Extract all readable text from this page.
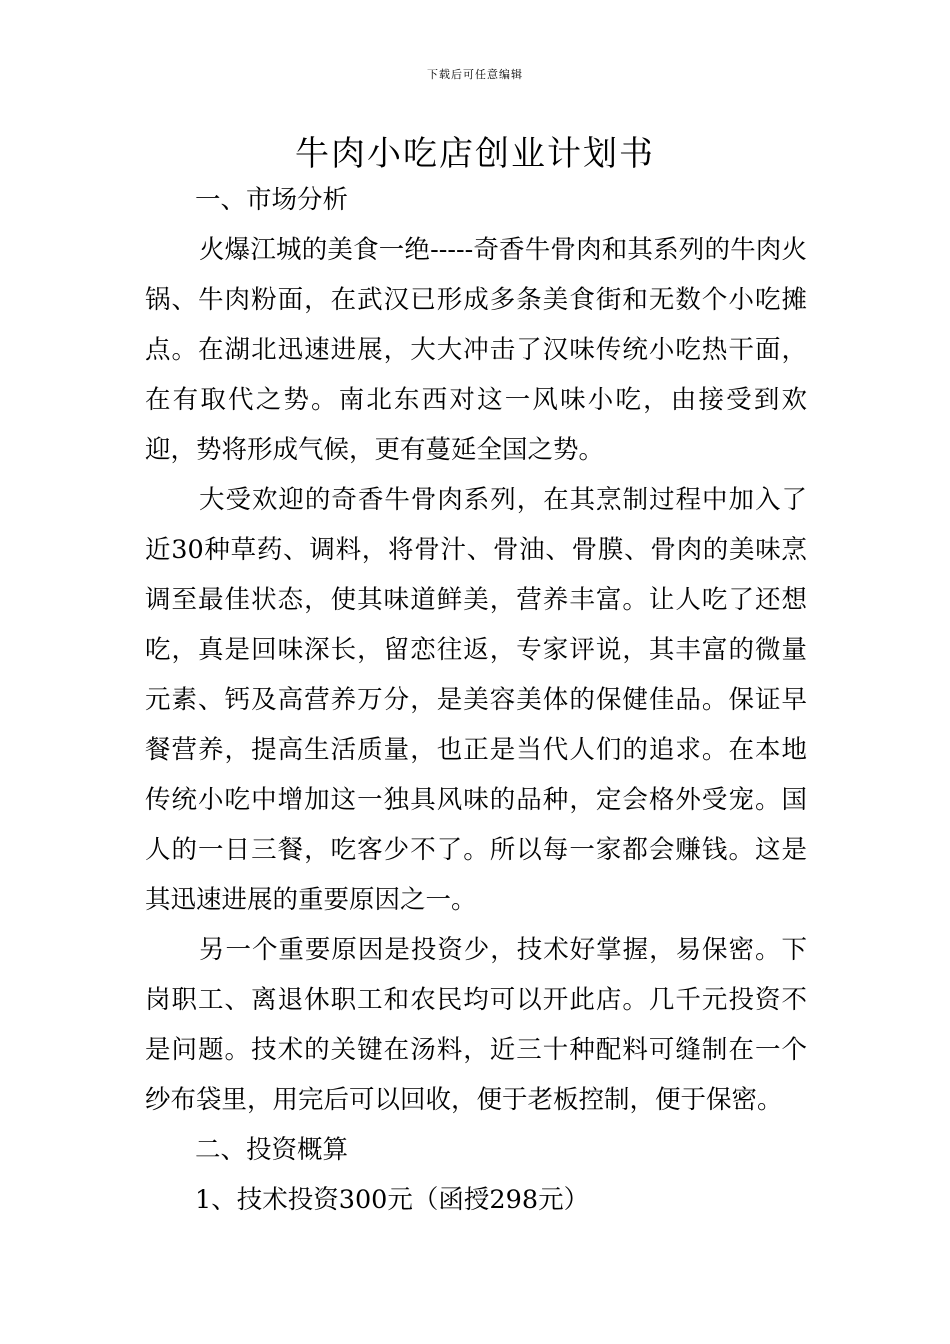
下载后可任意编辑
牛肉小吃店创业计划书

一、市场分析

火爆江城的美食一绝-----奇香牛骨肉和其系列的牛肉火锅、牛肉粉面，在武汉已形成多条美食街和无数个小吃摊点。在湖北迅速进展，大大冲击了汉味传统小吃热干面，在有取代之势。南北东西对这一风味小吃，由接受到欢迎，势将形成气候，更有蔓延全国之势。

大受欢迎的奇香牛骨肉系列，在其烹制过程中加入了近30种草药、调料，将骨汁、骨油、骨膜、骨肉的美味烹调至最佳状态，使其味道鲜美，营养丰富。让人吃了还想吃，真是回味深长，留恋往返，专家评说，其丰富的微量元素、钙及高营养万分，是美容美体的保健佳品。保证早餐营养，提高生活质量，也正是当代人们的追求。在本地传统小吃中增加这一独具风味的品种，定会格外受宠。国人的一日三餐，吃客少不了。所以每一家都会赚钱。这是其迅速进展的重要原因之一。

另一个重要原因是投资少，技术好掌握，易保密。下岗职工、离退休职工和农民均可以开此店。几千元投资不是问题。技术的关键在汤料，近三十种配料可缝制在一个纱布袋里，用完后可以回收，便于老板控制，便于保密。

二、投资概算

1、技术投资300元（函授298元）
